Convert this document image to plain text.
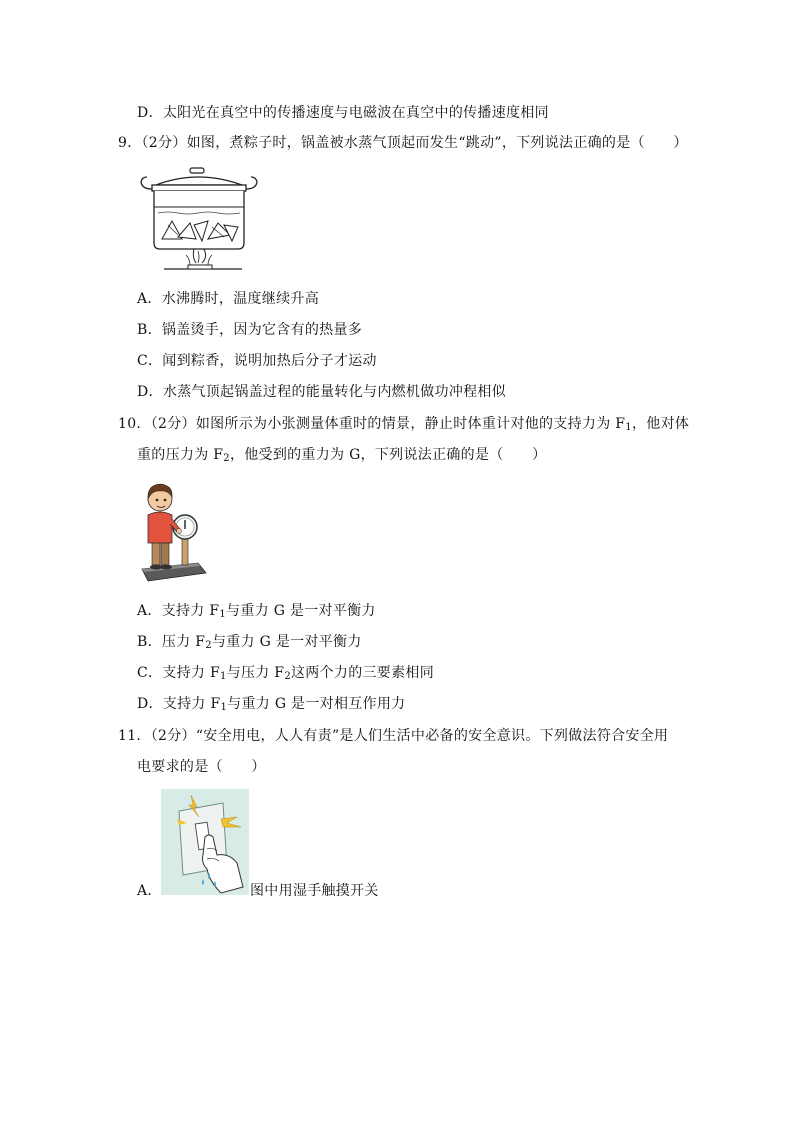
D．太阳光在真空中的传播速度与电磁波在真空中的传播速度相同
9．（2分）如图，煮粽子时，锅盖被水蒸气顶起而发生“跳动”，下列说法正确的是（　　）
A．水沸腾时，温度继续升高
B．锅盖烫手，因为它含有的热量多
C．闻到粽香，说明加热后分子才运动
D．水蒸气顶起锅盖过程的能量转化与内燃机做功冲程相似
10．（2分）如图所示为小张测量体重时的情景，静止时体重计对他的支持力为 $F_1$，他对体
重的压力为 $F_2$，他受到的重力为 G，下列说法正确的是（　　）
A．支持力 $F_1$与重力 G 是一对平衡力
B．压力 $F_2$与重力 G 是一对平衡力
C．支持力 $F_1$与压力 $F_2$这两个力的三要素相同
D．支持力 $F_1$与重力 G 是一对相互作用力
11．（2分）“安全用电，人人有责”是人们生活中必备的安全意识。下列做法符合安全用
电要求的是（　　）
A．	图中用湿手触摸开关
